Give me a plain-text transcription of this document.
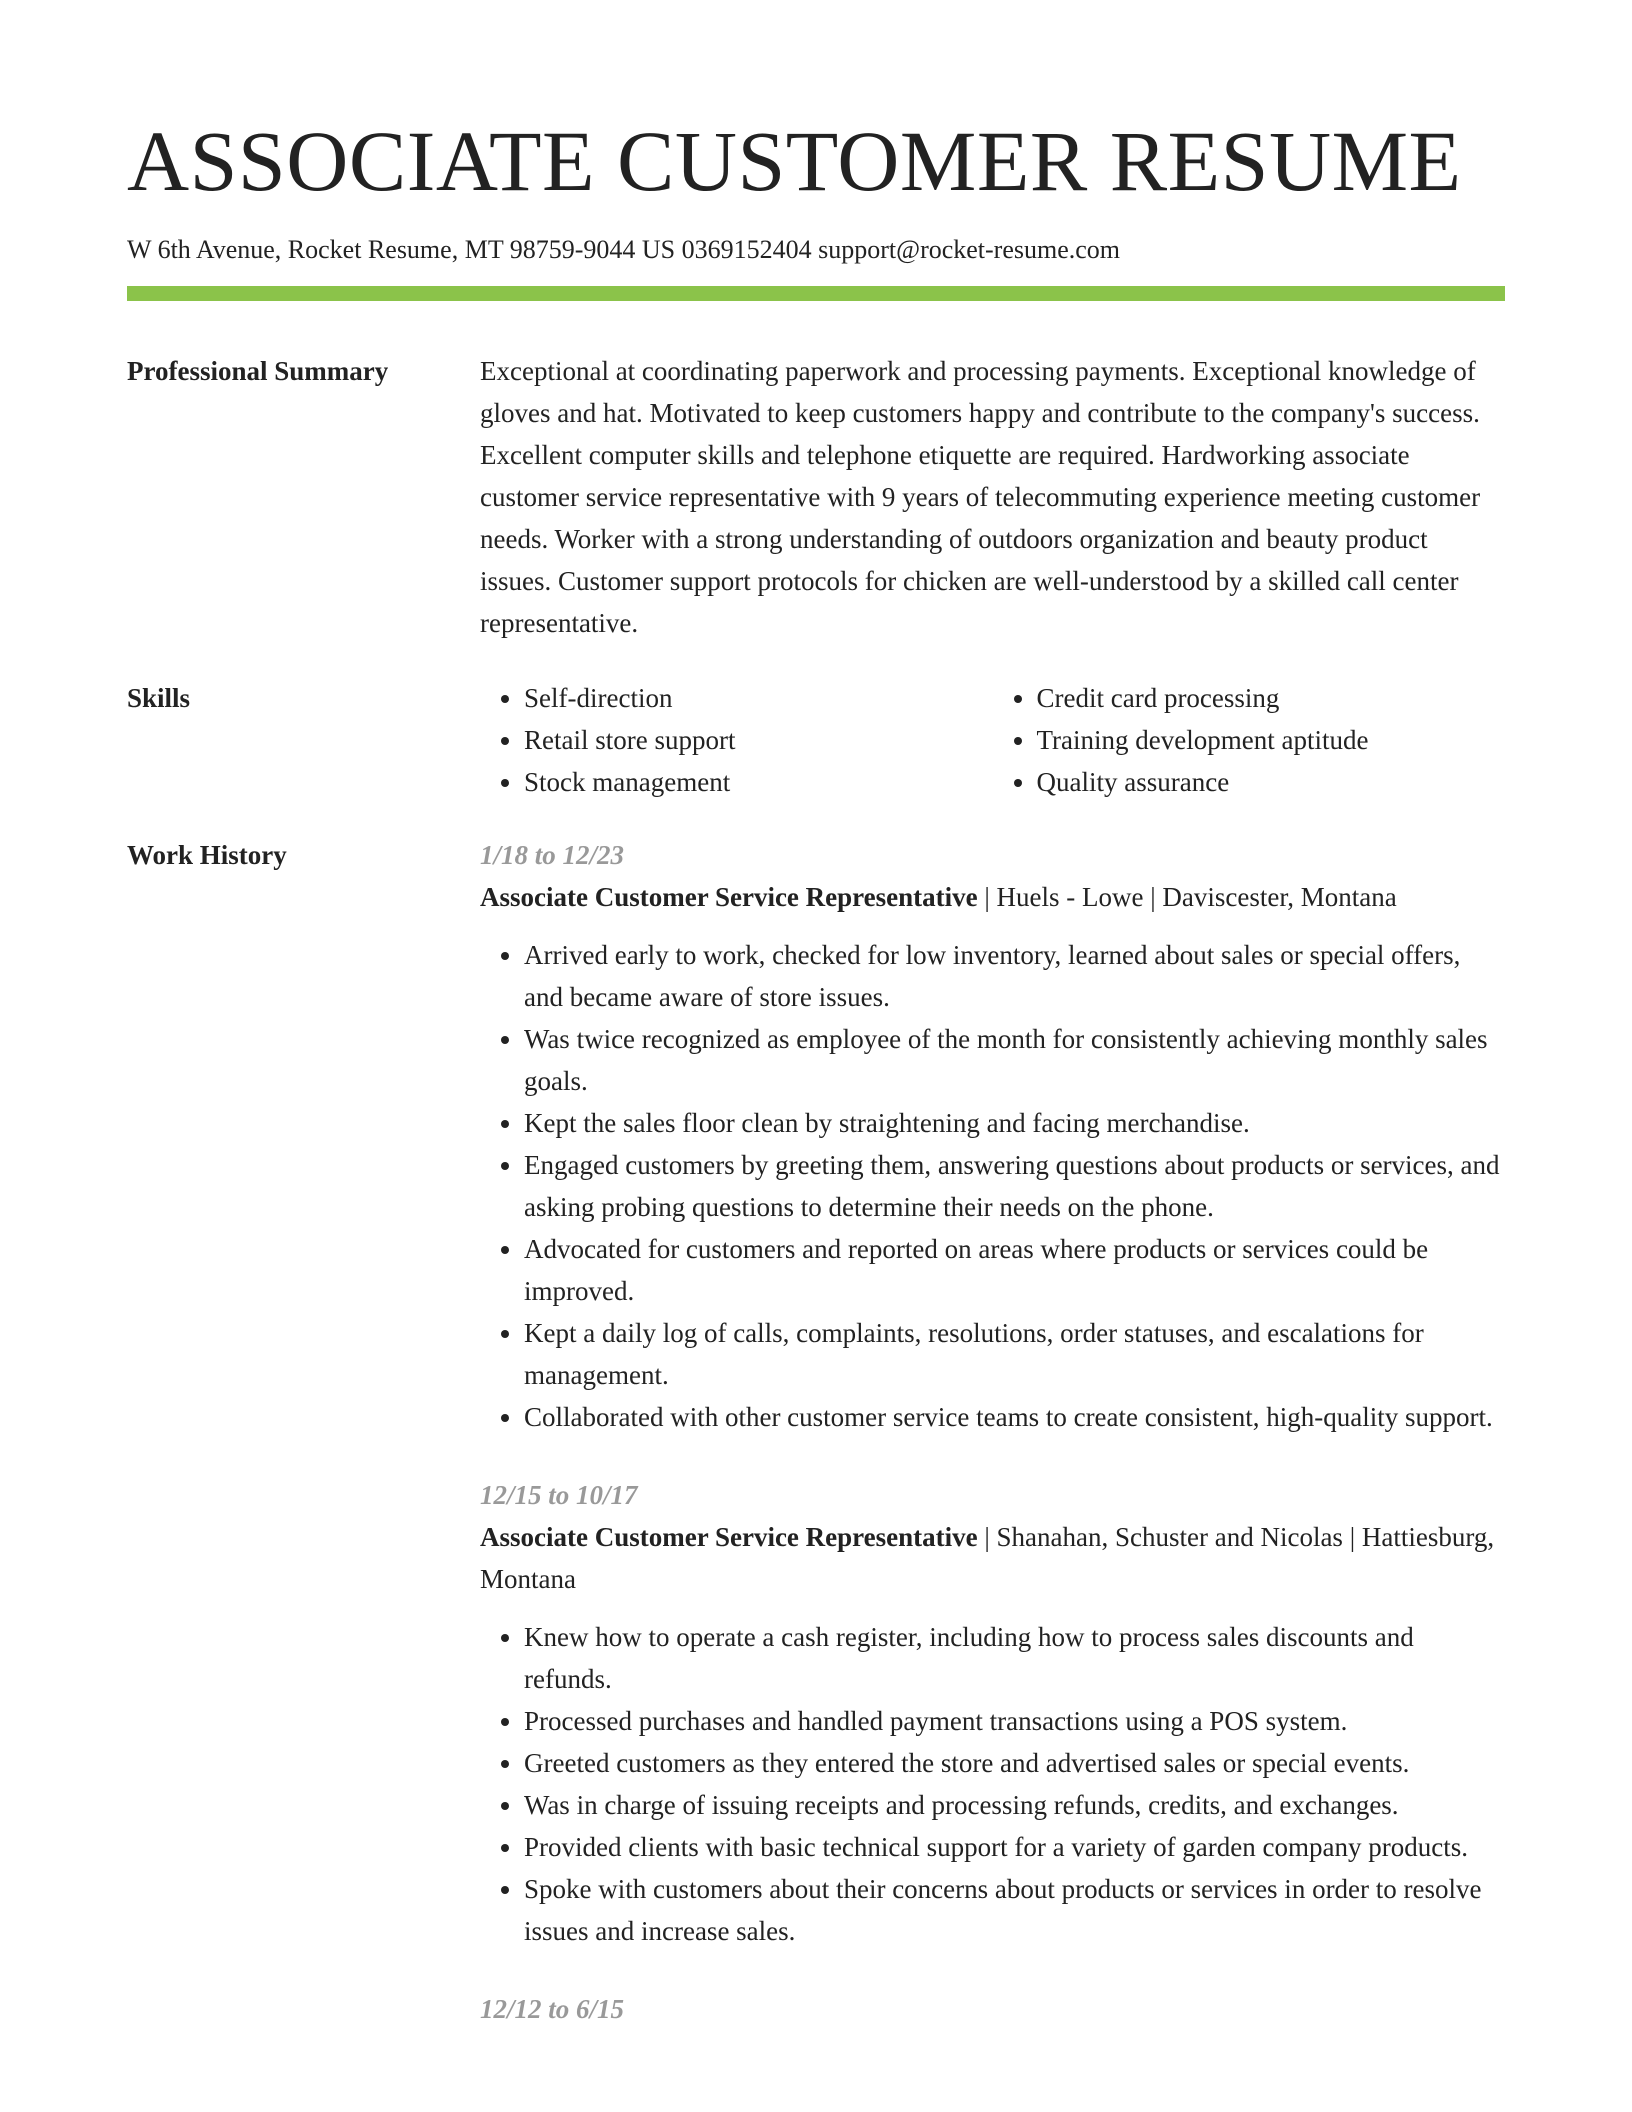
ASSOCIATE CUSTOMER RESUME
W 6th Avenue, Rocket Resume, MT 98759-9044 US 0369152404 support@rocket-resume.com
Professional Summary	Exceptional at coordinating paperwork and processing payments. Exceptional knowledge of gloves and hat. Motivated to keep customers happy and contribute to the company's success. Excellent computer skills and telephone etiquette are required. Hardworking associate customer service representative with 9 years of telecommuting experience meeting customer needs. Worker with a strong understanding of outdoors organization and beauty product issues. Customer support protocols for chicken are well-understood by a skilled call center representative.

Skills
•	Self-direction
• Retail store support
• Stock management
• Credit card processing
• Training development aptitude
• Quality assurance
Work History	1/18 to 12/23

Associate Customer Service Representative | Huels - Lowe | Daviscester, Montana

• Arrived early to work, checked for low inventory, learned about sales or special offers, and became aware of store issues.
• Was twice recognized as employee of the month for consistently achieving monthly sales goals.
• Kept the sales floor clean by straightening and facing merchandise.
• Engaged customers by greeting them, answering questions about products or services, and asking probing questions to determine their needs on the phone.
• Advocated for customers and reported on areas where products or services could be improved.
• Kept a daily log of calls, complaints, resolutions, order statuses, and escalations for management.
• Collaborated with other customer service teams to create consistent, high-quality support.
12/15 to 10/17

Associate Customer Service Representative | Shanahan, Schuster and Nicolas | Hattiesburg, Montana

• Knew how to operate a cash register, including how to process sales discounts and refunds.
• Processed purchases and handled payment transactions using a POS system.
• Greeted customers as they entered the store and advertised sales or special events.
• Was in charge of issuing receipts and processing refunds, credits, and exchanges.
• Provided clients with basic technical support for a variety of garden company products.
• Spoke with customers about their concerns about products or services in order to resolve issues and increase sales.
12/12 to 6/15
